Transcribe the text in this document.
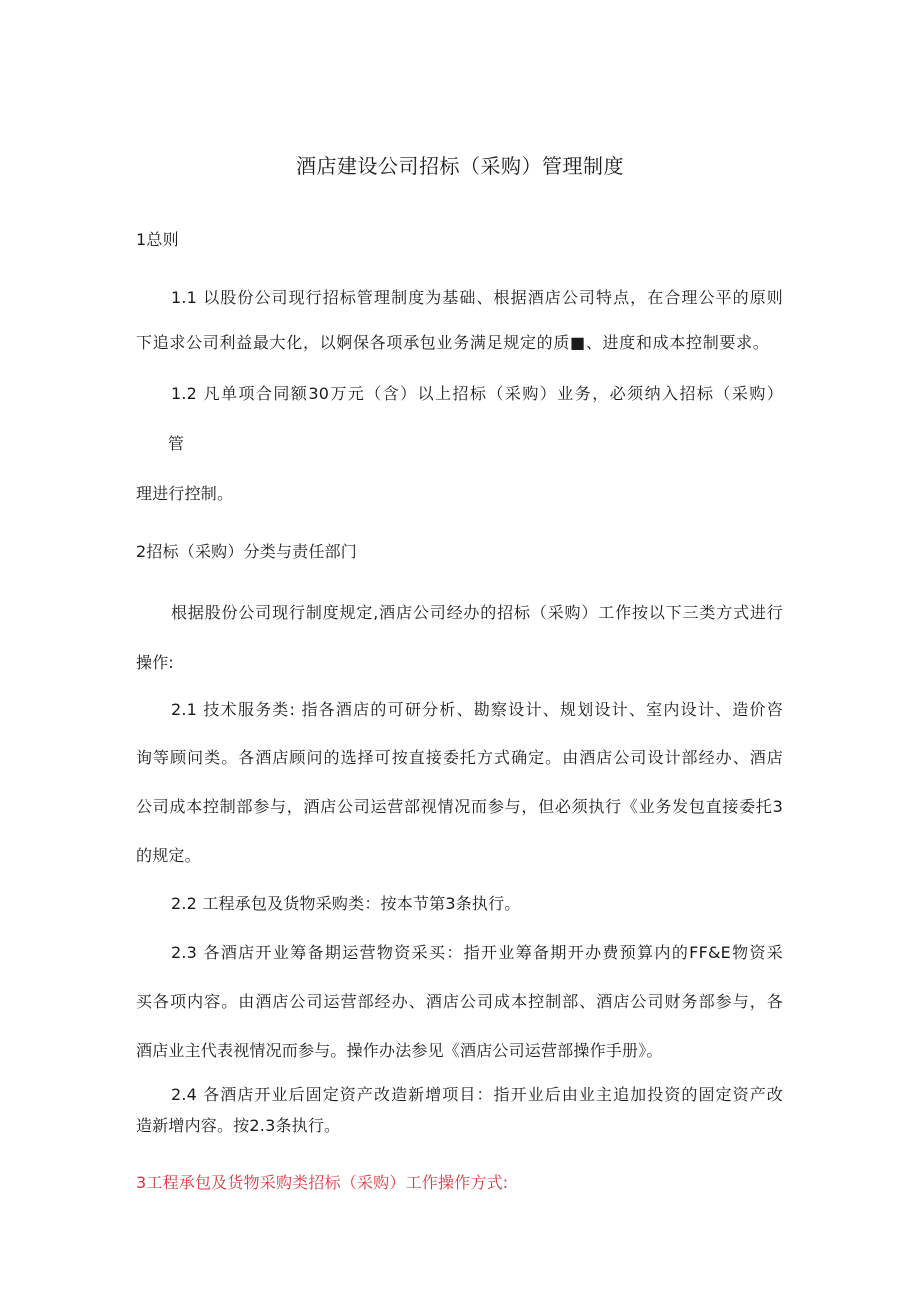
酒店建设公司招标（采购）管理制度
1总则
1.1 以股份公司现行招标管理制度为基础、根据酒店公司特点，在合理公平的原则
下追求公司利益最大化，以婀保各项承包业务满足规定的质■、进度和成本控制要求。
1.2 凡单项合同额30万元（含）以上招标（采购）业务，必须纳入招标（采购）
管
理进行控制。
2招标（采购）分类与责任部门
根据股份公司现行制度规定,酒店公司经办的招标（采购）工作按以下三类方式进行
操作:
2.1 技术服务类: 指各酒店的可研分析、勘察设计、规划设计、室内设计、造价咨
询等顾问类。各酒店顾问的选择可按直接委托方式确定。由酒店公司设计部经办、酒店
公司成本控制部参与，酒店公司运营部视情况而参与，但必须执行《业务发包直接委托3
的规定。
2.2 工程承包及货物采购类：按本节第3条执行。
2.3 各酒店开业筹备期运营物资采买：指开业筹备期开办费预算内的FF&E物资采
买各项内容。由酒店公司运营部经办、酒店公司成本控制部、酒店公司财务部参与，各
酒店业主代表视情况而参与。操作办法参见《酒店公司运营部操作手册》。
2.4 各酒店开业后固定资产改造新增项目：指开业后由业主追加投资的固定资产改
造新增内容。按2.3条执行。
3工程承包及货物采购类招标（采购）工作操作方式:
